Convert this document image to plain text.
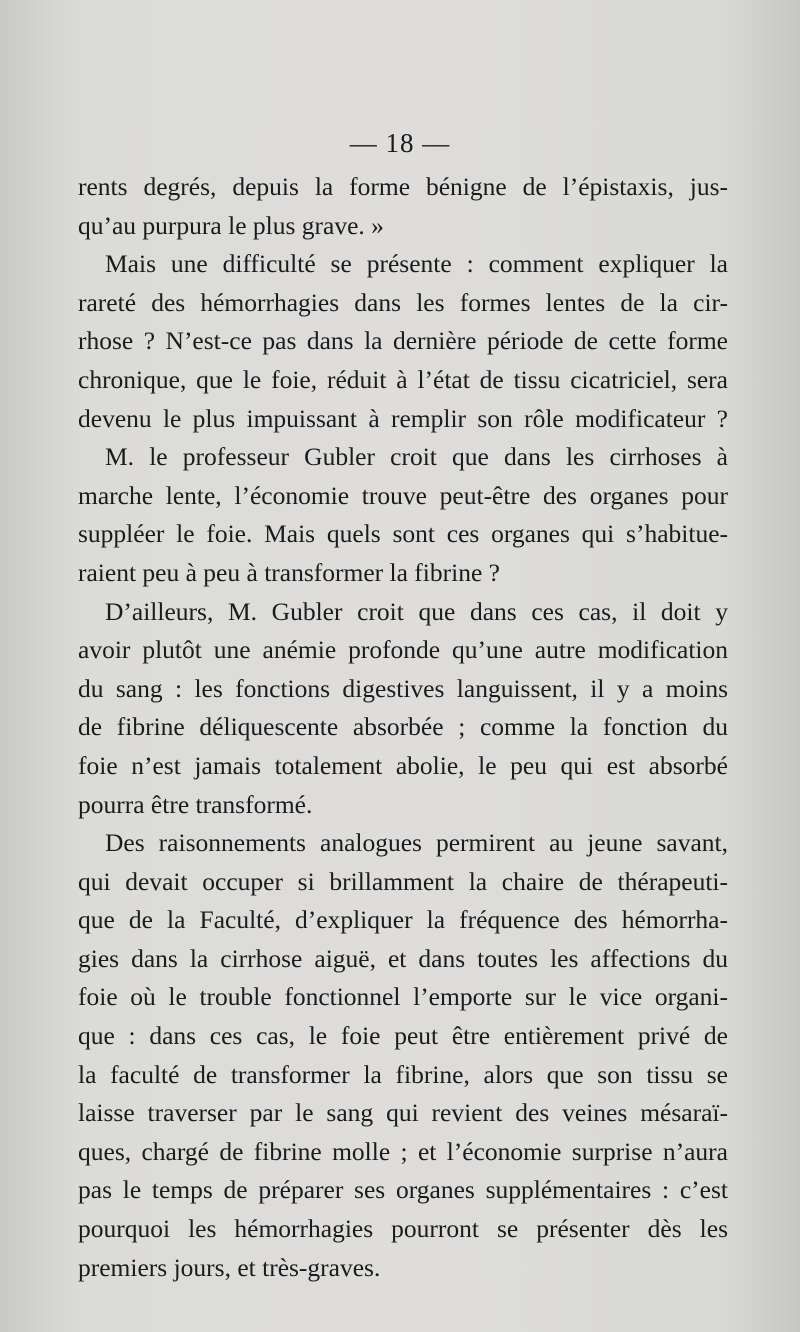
— 18 —
rents degrés, depuis la forme bénigne de l’épistaxis, jus-
qu’au purpura le plus grave. »
Mais une difficulté se présente : comment expliquer la
rareté des hémorrhagies dans les formes lentes de la cir-
rhose ? N’est-ce pas dans la dernière période de cette forme
chronique, que le foie, réduit à l’état de tissu cicatriciel, sera
devenu le plus impuissant à remplir son rôle modificateur ?
M. le professeur Gubler croit que dans les cirrhoses à
marche lente, l’économie trouve peut-être des organes pour
suppléer le foie. Mais quels sont ces organes qui s’habitue-
raient peu à peu à transformer la fibrine ?
D’ailleurs, M. Gubler croit que dans ces cas, il doit y
avoir plutôt une anémie profonde qu’une autre modification
du sang : les fonctions digestives languissent, il y a moins
de fibrine déliquescente absorbée ; comme la fonction du
foie n’est jamais totalement abolie, le peu qui est absorbé
pourra être transformé.
Des raisonnements analogues permirent au jeune savant,
qui devait occuper si brillamment la chaire de thérapeuti-
que de la Faculté, d’expliquer la fréquence des hémorrha-
gies dans la cirrhose aiguë, et dans toutes les affections du
foie où le trouble fonctionnel l’emporte sur le vice organi-
que : dans ces cas, le foie peut être entièrement privé de
la faculté de transformer la fibrine, alors que son tissu se
laisse traverser par le sang qui revient des veines mésaraï-
ques, chargé de fibrine molle ; et l’économie surprise n’aura
pas le temps de préparer ses organes supplémentaires : c’est
pourquoi les hémorrhagies pourront se présenter dès les
premiers jours, et très-graves.
